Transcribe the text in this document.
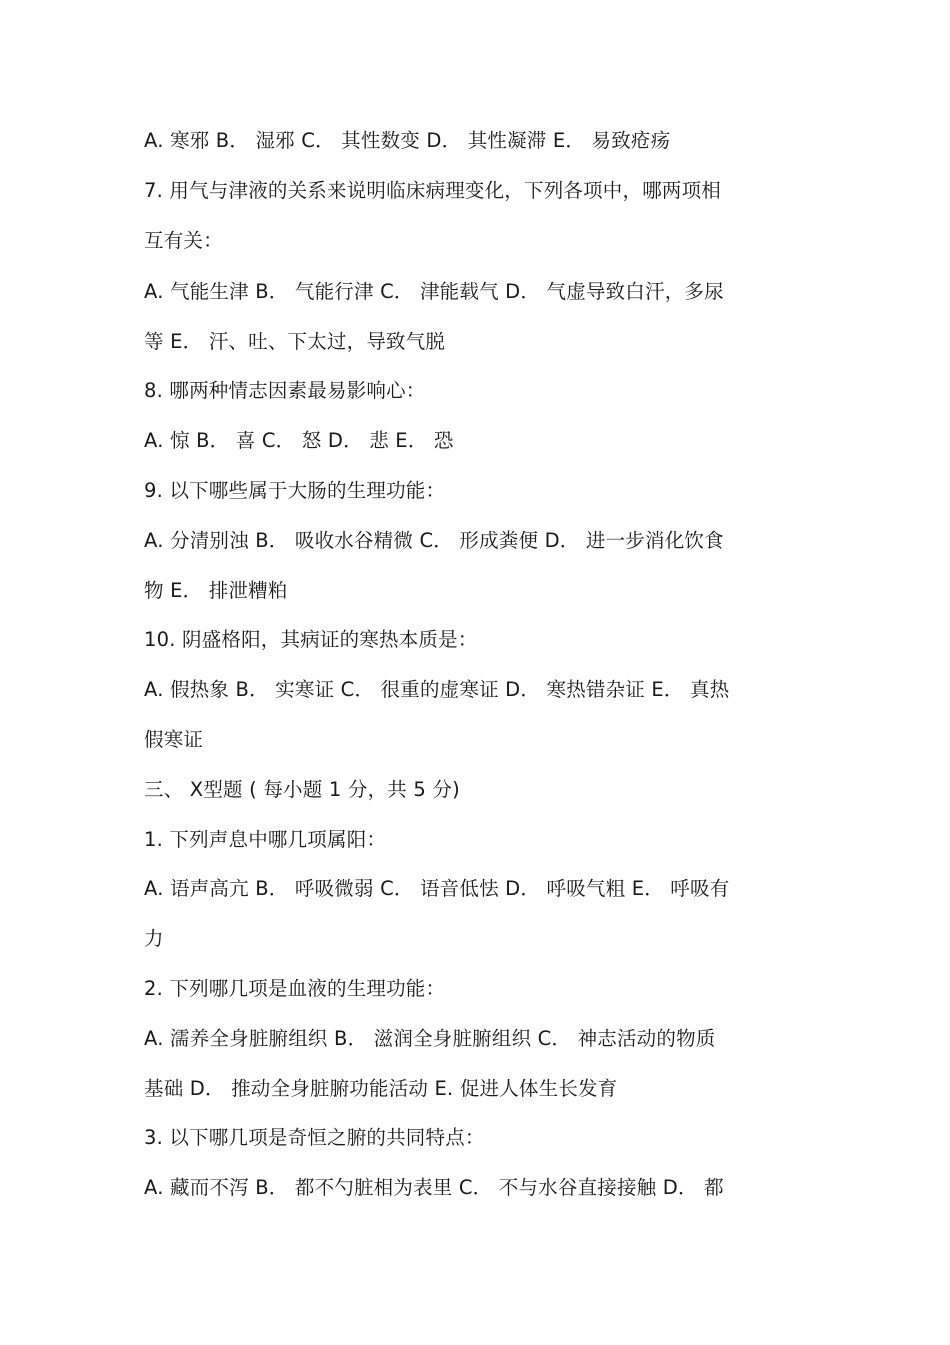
A. 寒邪 B． 湿邪 C． 其性数变 D． 其性凝滞 E． 易致疮疡
7. 用气与津液的关系来说明临床病理变化，下列各项中，哪两项相
互有关：
A. 气能生津 B． 气能行津 C． 津能载气 D． 气虚导致白汗，多尿
等 E． 汗、吐、下太过，导致气脱
8. 哪两种情志因素最易影响心：
A. 惊 B． 喜 C． 怒 D． 悲 E． 恐
9. 以下哪些属于大肠的生理功能：
A. 分清别浊 B． 吸收水谷精微 C． 形成粪便 D． 进一步消化饮食
物 E． 排泄糟粕
10. 阴盛格阳，其病证的寒热本质是：
A. 假热象 B． 实寒证 C． 很重的虚寒证 D． 寒热错杂证 E． 真热
假寒证
三、 X型题 ( 每小题 1 分，共 5 分)
1. 下列声息中哪几项属阳：
A. 语声高亢 B． 呼吸微弱 C． 语音低怯 D． 呼吸气粗 E． 呼吸有
力
2. 下列哪几项是血液的生理功能：
A. 濡养全身脏腑组织 B． 滋润全身脏腑组织 C． 神志活动的物质
基础 D． 推动全身脏腑功能活动 E. 促进人体生长发育
3. 以下哪几项是奇恒之腑的共同特点：
A. 藏而不泻 B． 都不勺脏相为表里 C． 不与水谷直接接触 D． 都
